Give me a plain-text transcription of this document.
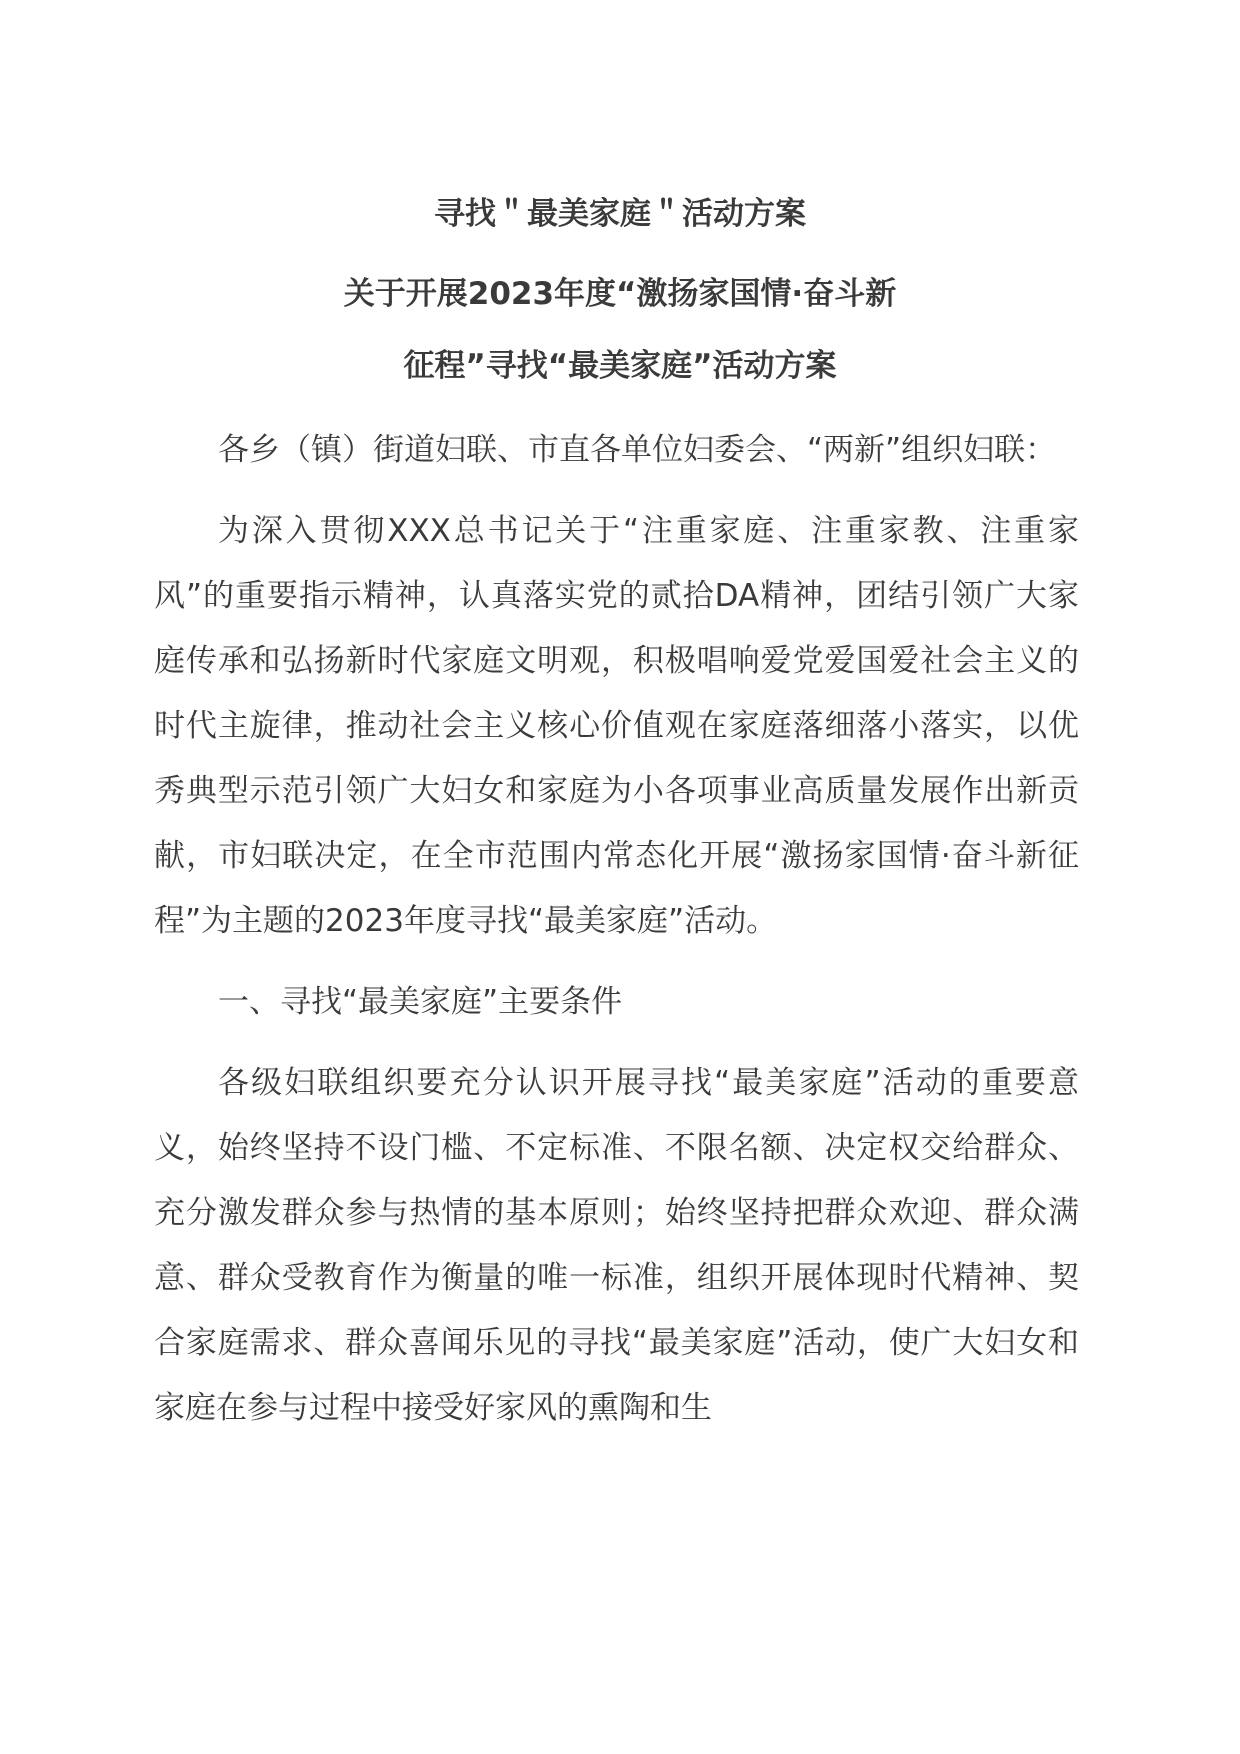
寻找＂最美家庭＂活动方案
关于开展2023年度“激扬家国情·奋斗新
征程”寻找“最美家庭”活动方案

各乡（镇）街道妇联、市直各单位妇委会、“两新”组织妇联：

为深入贯彻XXX总书记关于“注重家庭、注重家教、注重家风”的重要指示精神，认真落实党的贰拾DA精神，团结引领广大家庭传承和弘扬新时代家庭文明观，积极唱响爱党爱国爱社会主义的时代主旋律，推动社会主义核心价值观在家庭落细落小落实，以优秀典型示范引领广大妇女和家庭为小各项事业高质量发展作出新贡献，市妇联决定，在全市范围内常态化开展“激扬家国情·奋斗新征程”为主题的2023年度寻找“最美家庭”活动。

一、寻找“最美家庭”主要条件

各级妇联组织要充分认识开展寻找“最美家庭”活动的重要意义，始终坚持不设门槛、不定标准、不限名额、决定权交给群众、充分激发群众参与热情的基本原则；始终坚持把群众欢迎、群众满意、群众受教育作为衡量的唯一标准，组织开展体现时代精神、契合家庭需求、群众喜闻乐见的寻找“最美家庭”活动，使广大妇女和家庭在参与过程中接受好家风的熏陶和生
